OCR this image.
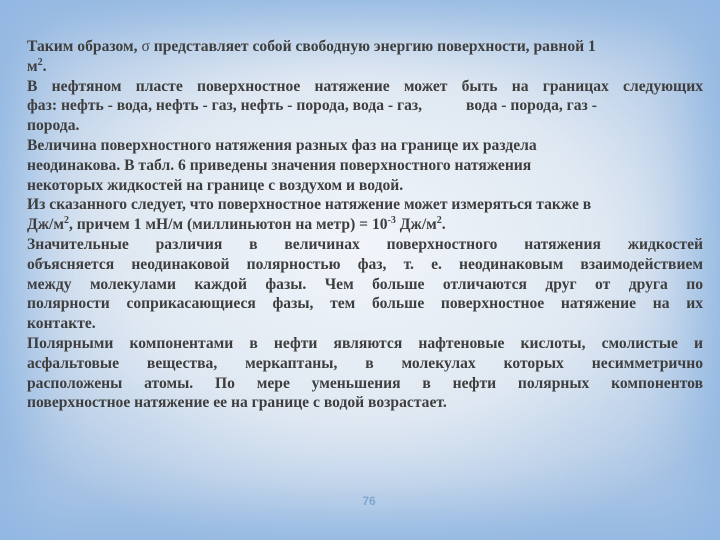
Таким образом, σ представляет собой свободную энергию поверхности, равной 1
$м^2$.
В нефтяном пласте поверхностное натяжение может быть на границах следующих
фаз: нефть - вода, нефть - газ, нефть - порода, вода - газ,	вода - порода, газ -
порода.
Величина поверхностного натяжения разных фаз на границе их раздела
неодинакова. В табл. 6 приведены значения поверхностного натяжения
некоторых жидкостей на границе с воздухом и водой.
Из сказанного следует, что поверхностное натяжение может измеряться также в
$Дж/м^2$, причем 1 мН/м (миллиньютон на метр) = $10^{-3}$ $Дж/м^2$.
Значительные различия в величинах поверхностного натяжения жидкостей
объясняется неодинаковой полярностью фаз, т. е. неодинаковым взаимодействием
между молекулами каждой фазы. Чем больше отличаются друг от друга по
полярности соприкасающиеся фазы, тем больше поверхностное натяжение на их
контакте.
Полярными компонентами в нефти являются нафтеновые кислоты, смолистые и
асфальтовые вещества, меркаптаны, в молекулах которых несимметрично
расположены атомы. По мере уменьшения в нефти полярных компонентов
поверхностное натяжение ее на границе с водой возрастает.
76
